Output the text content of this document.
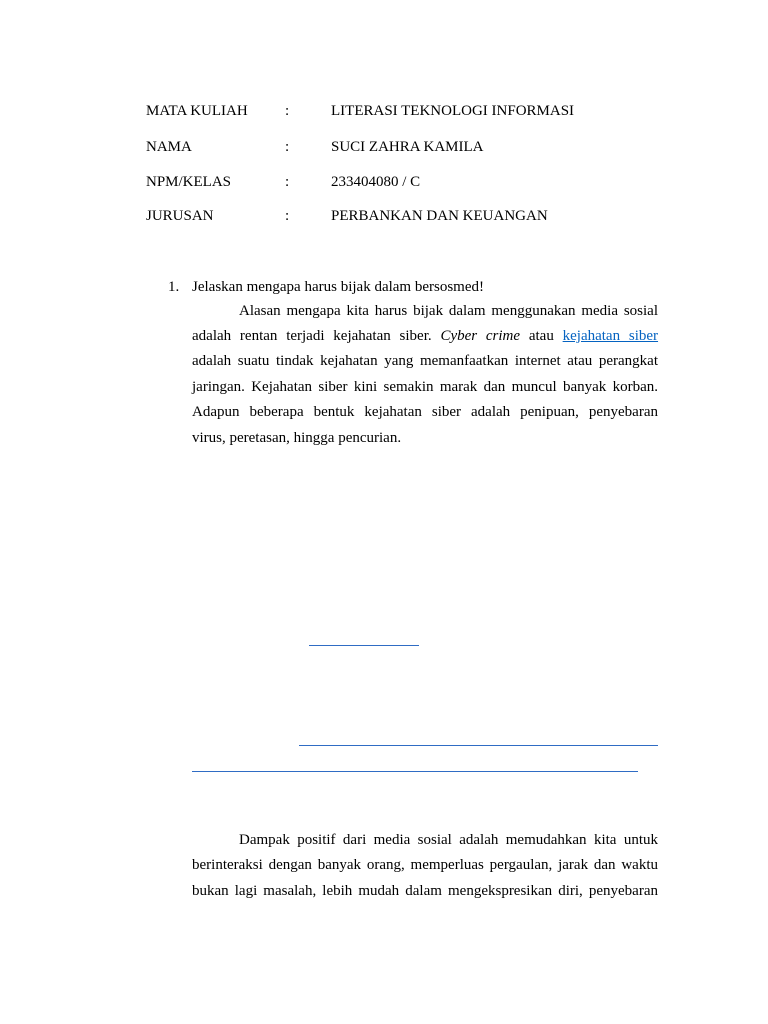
MATA KULIAH :	LITERASI TEKNOLOGI INFORMASI
NAMA	:	SUCI ZAHRA KAMILA
NPM/KELAS	:	233404080 / C
JURUSAN	:	PERBANKAN DAN KEUANGAN
1. Jelaskan mengapa harus bijak dalam bersosmed!
Alasan mengapa kita harus bijak dalam menggunakan media sosial
adalah rentan terjadi kejahatan siber. Cyber crime atau kejahatan siber
adalah suatu tindak kejahatan yang memanfaatkan internet atau perangkat
jaringan. Kejahatan siber kini semakin marak dan muncul banyak korban.
Adapun beberapa bentuk kejahatan siber adalah penipuan, penyebaran
virus, peretasan, hingga pencurian.
Dampak positif dari media sosial adalah memudahkan kita untuk
berinteraksi dengan banyak orang, memperluas pergaulan, jarak dan waktu
bukan lagi masalah, lebih mudah dalam mengekspresikan diri, penyebaran
